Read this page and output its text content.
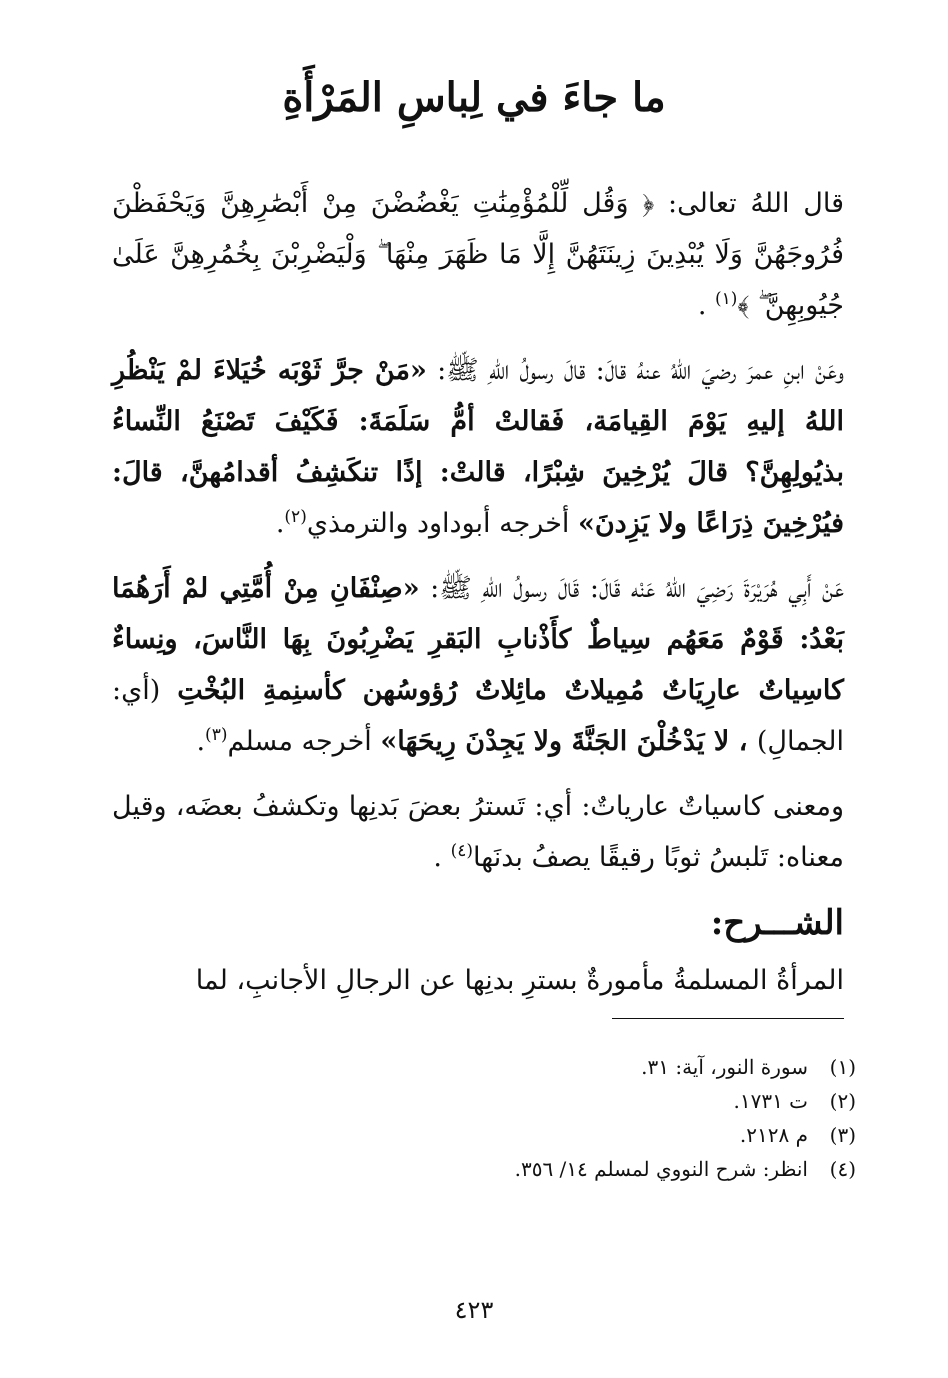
ما جاءَ في لِباسِ المَرْأَةِ

قال اللهُ تعالى: ﴿ وَقُل لِّلْمُؤْمِنَٰتِ يَغْضُضْنَ مِنْ أَبْصَٰرِهِنَّ وَيَحْفَظْنَ فُرُوجَهُنَّ وَلَا يُبْدِينَ زِينَتَهُنَّ إِلَّا مَا ظَهَرَ مِنْهَا ۖ وَلْيَضْرِبْنَ بِخُمُرِهِنَّ عَلَىٰ جُيُوبِهِنَّ ۖ ﴾$^{(١)}$ .

وعَنْ ابنِ عمرَ رضيَ اللهُ عنهُ قالَ: قالَ رسولُ اللهِ ﷺ: «مَنْ جرَّ ثَوْبَه خُيَلاءَ لمْ يَنْظُرِ اللهُ إليهِ يَوْمَ القِيامَة، فَقالتْ أمُّ سَلَمَةَ: فَكَيْفَ تَصْنَعُ النِّساءُ بذيُولِهِنَّ؟ قالَ يُرْخِينَ شِبْرًا، قالتْ: إذًا تنكَشِفُ أقدامُهنَّ، قالَ: فيُرْخِينَ ذِرَاعًا ولا يَزِدنَ» أخرجه أبوداود والترمذي$^{(٢)}$.

عَنْ أَبِي هُرَيْرَةَ رَضِيَ اللهُ عَنْه قَالَ: قَالَ رسولُ اللهِ ﷺ: «صِنْفَانِ مِنْ أُمَّتِي لمْ أَرَهُمَا بَعْدُ: قَوْمٌ مَعَهُم سِياطٌ كأَذْنابِ البَقرِ يَضْرِبُونَ بِهَا النَّاسَ، ونِساءٌ كاسِياتٌ عارِيَاتٌ مُمِيلاتٌ مائِلاتٌ رُؤوسُهن كأسنِمةِ البُخْتِ (أي: الجمالِ) ، لا يَدْخُلْنَ الجَنَّةَ ولا يَجِدْنَ رِيحَهَا» أخرجه مسلم$^{(٣)}$.

ومعنى كاسياتٌ عارياتٌ: أي: تَسترُ بعضَ بَدنِها وتكشفُ بعضَه، وقيل معناه: تَلبسُ ثوبًا رقيقًا يصفُ بدنَها$^{(٤)}$ .

الشـــرح:

المرأةُ المسلمةُ مأمورةٌ بسترِ بدنِها عن الرجالِ الأجانبِ، لما

(١)سورة النور، آية: ٣١.
(٢)ت ١٧٣١.
(٣)م ٢١٢٨.
(٤)انظر: شرح النووي لمسلم ١٤/ ٣٥٦.
٤٢٣
